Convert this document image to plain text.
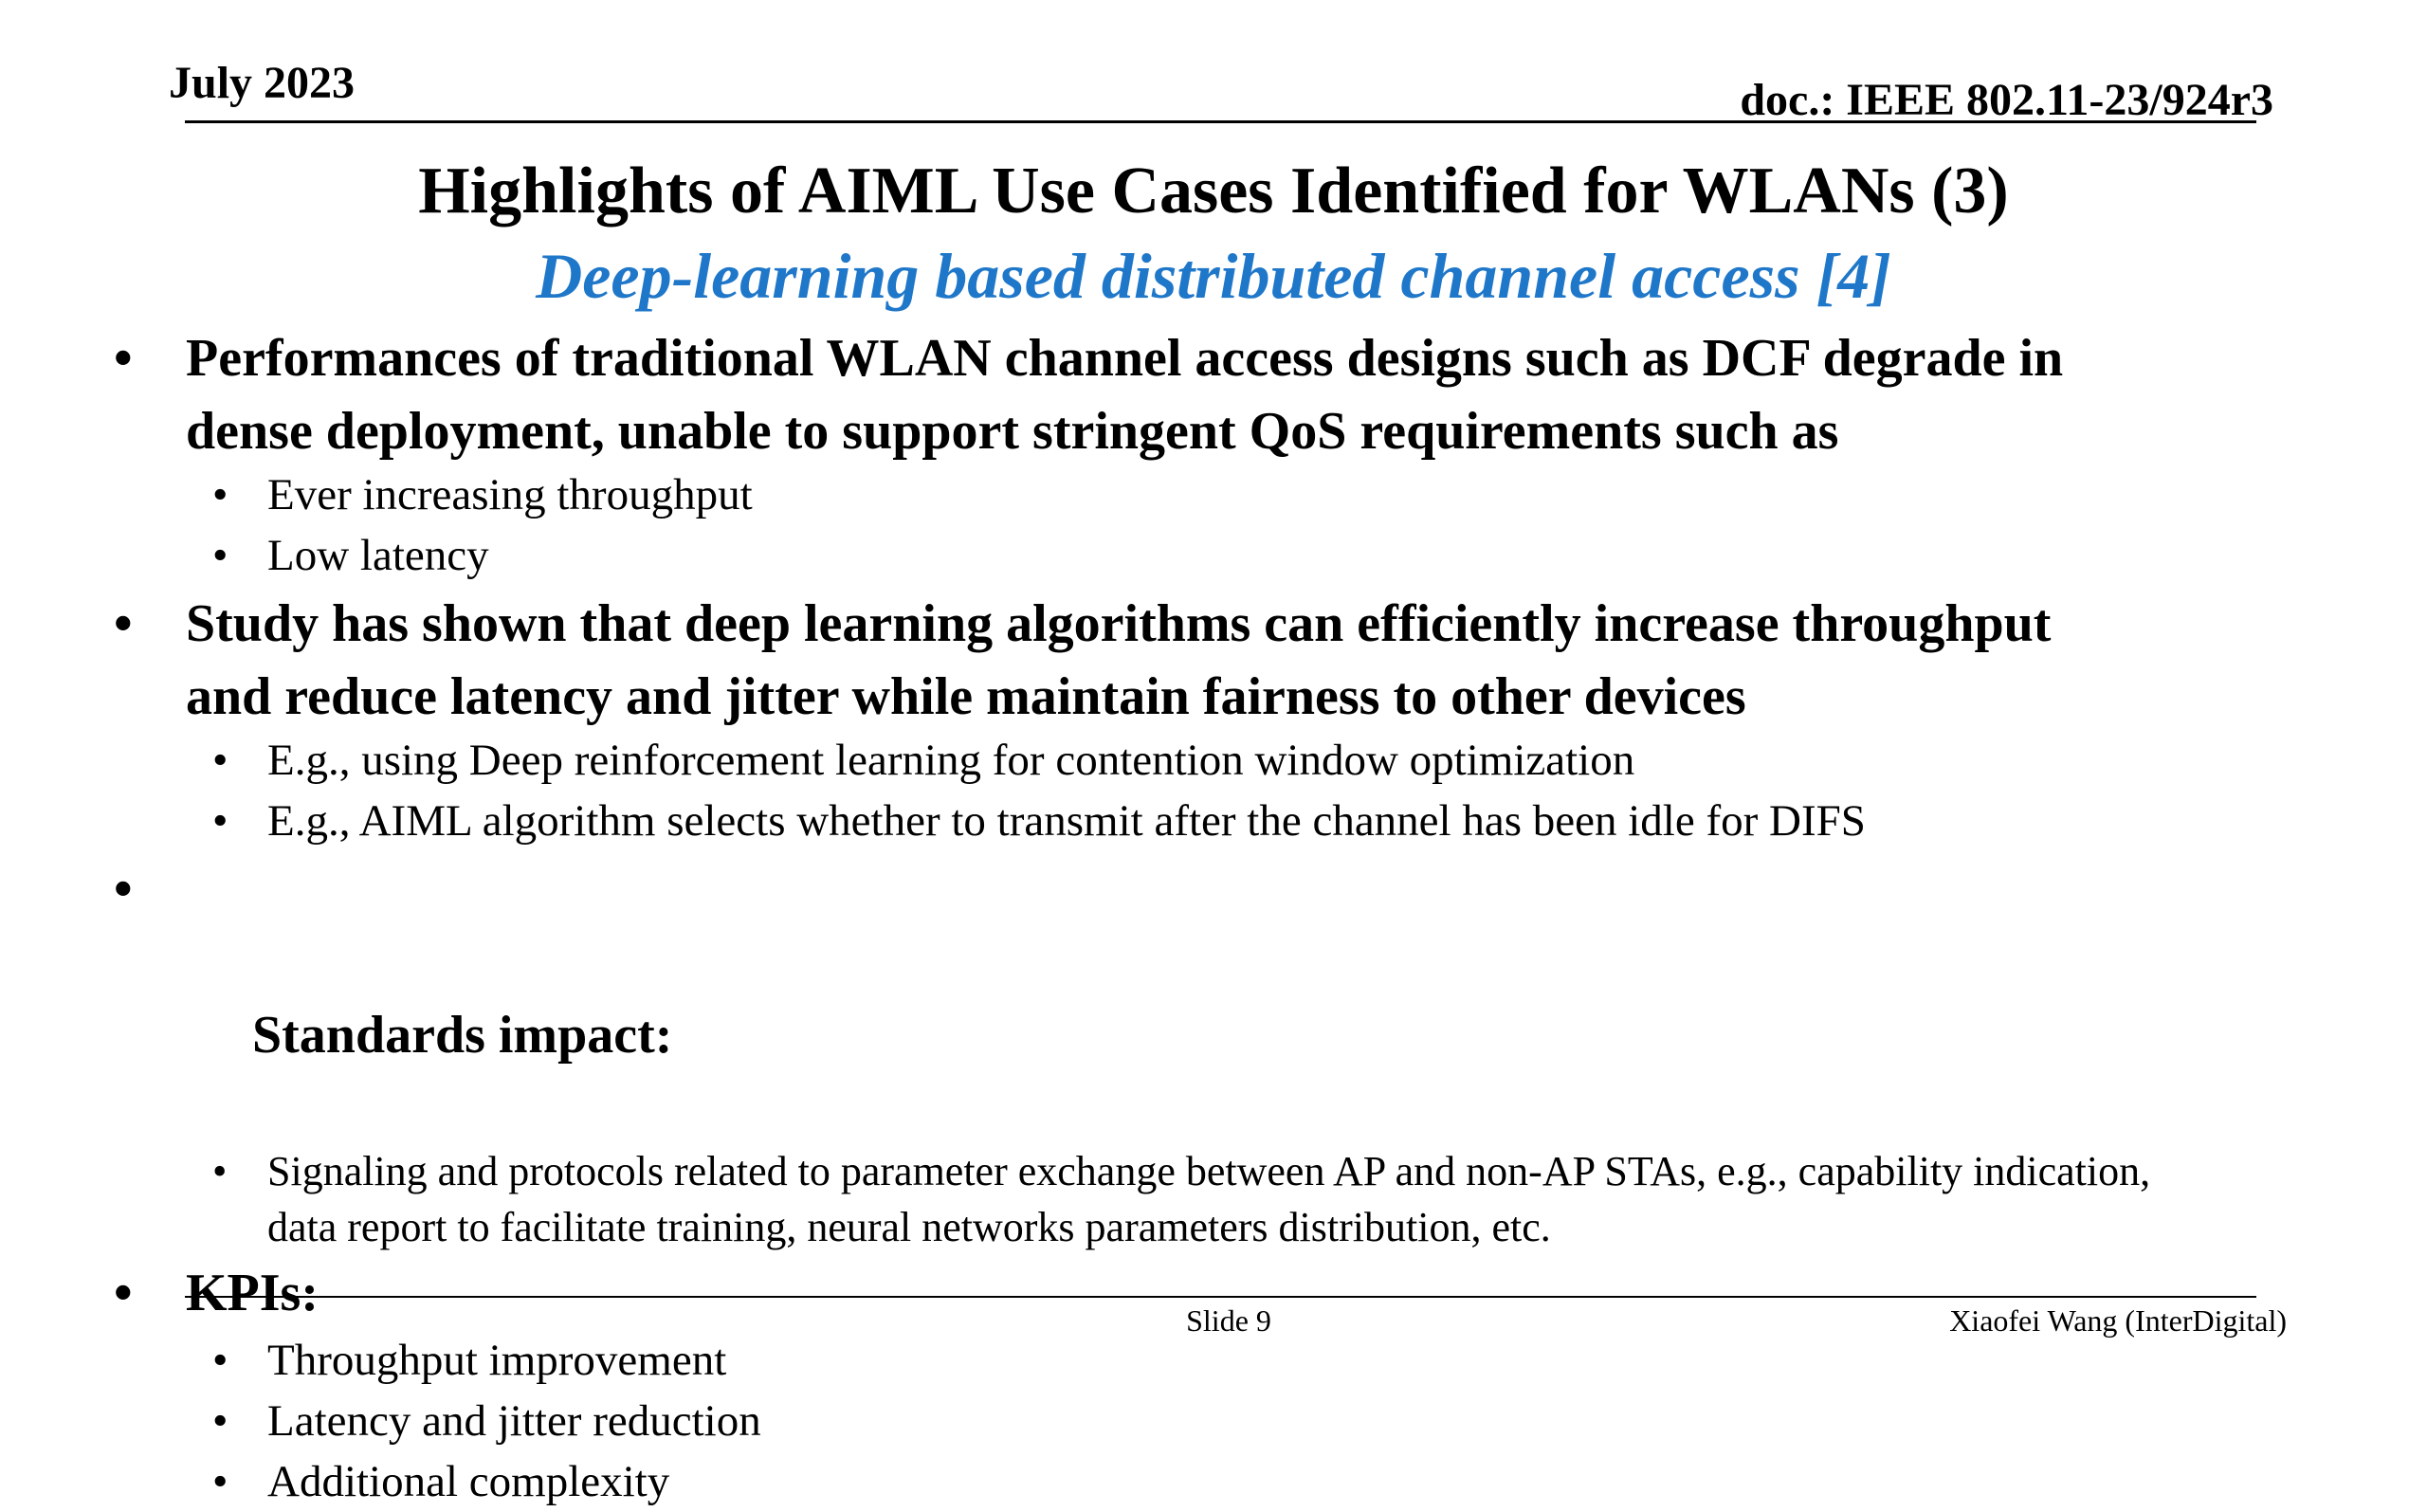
July 2023	doc.: IEEE 802.11-23/924r3
Highlights of AIML Use Cases Identified for WLANs (3)
Deep-learning based distributed channel access [4]
• Performances of traditional WLAN channel access designs such as DCF degrade in
dense deployment, unable to support stringent QoS requirements such as
• Ever increasing throughput
• Low latency
• Study has shown that deep learning algorithms can efficiently increase throughput
and reduce latency and jitter while maintain fairness to other devices
• E.g., using Deep reinforcement learning for contention window optimization
• E.g., AIML algorithm selects whether to transmit after the channel has been idle for DIFS

•

Standards impact:

• Signaling and protocols related to parameter exchange between AP and non-AP STAs, e.g., capability indication,
data report to facilitate training, neural networks parameters distribution, etc.
• KPIs:
• Throughput improvement
• Latency and jitter reduction
• Additional complexity
Slide 9	Xiaofei Wang (InterDigital)
